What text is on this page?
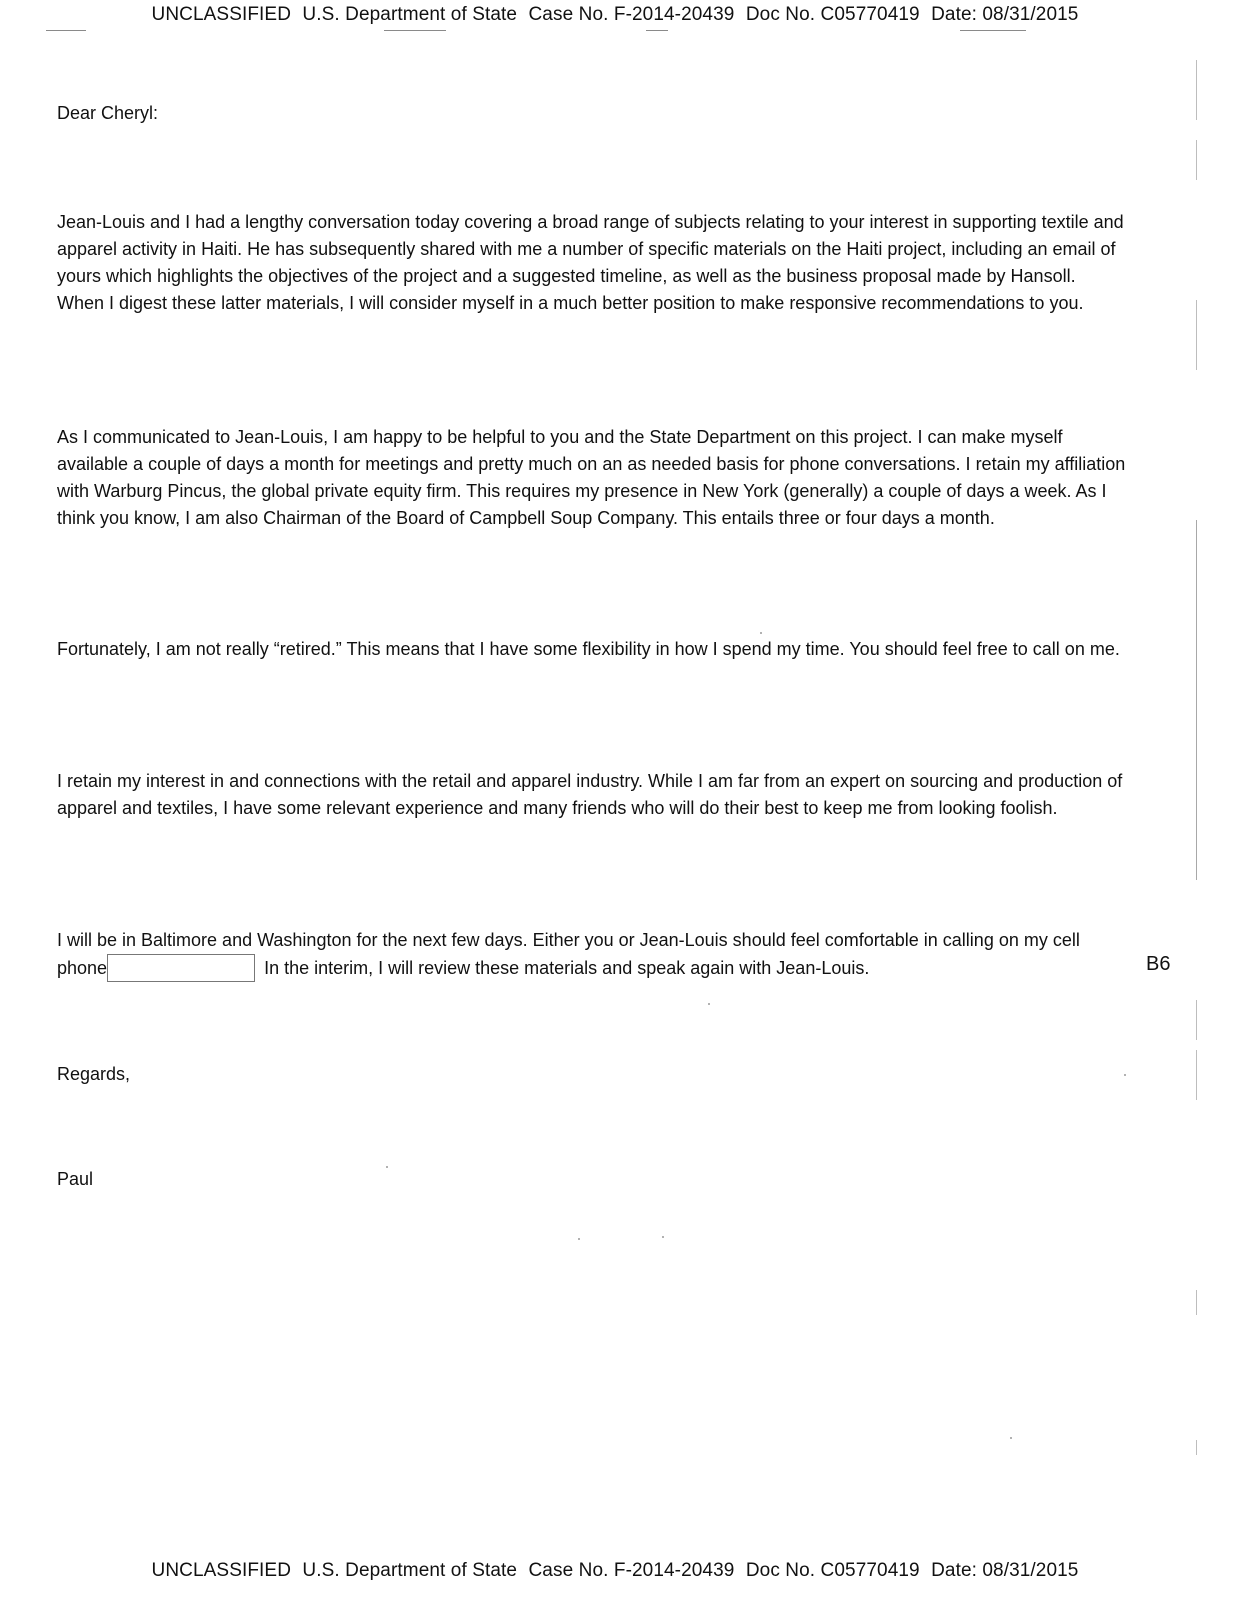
UNCLASSIFIED U.S. Department of State Case No. F-2014-20439 Doc No. C05770419 Date: 08/31/2015

Dear Cheryl:

Jean-Louis and I had a lengthy conversation today covering a broad range of subjects relating to your interest in supporting textile and apparel activity in Haiti. He has subsequently shared with me a number of specific materials on the Haiti project, including an email of yours which highlights the objectives of the project and a suggested timeline, as well as the business proposal made by Hansoll. When I digest these latter materials, I will consider myself in a much better position to make responsive recommendations to you.

As I communicated to Jean-Louis, I am happy to be helpful to you and the State Department on this project. I can make myself available a couple of days a month for meetings and pretty much on an as needed basis for phone conversations. I retain my affiliation with Warburg Pincus, the global private equity firm. This requires my presence in New York (generally) a couple of days a week. As I think you know, I am also Chairman of the Board of Campbell Soup Company. This entails three or four days a month.

Fortunately, I am not really “retired.” This means that I have some flexibility in how I spend my time. You should feel free to call on me.

I retain my interest in and connections with the retail and apparel industry. While I am far from an expert on sourcing and production of apparel and textiles, I have some relevant experience and many friends who will do their best to keep me from looking foolish.

I will be in Baltimore and Washington for the next few days. Either you or Jean-Louis should feel comfortable in calling on my cell phone	In the interim, I will review these materials and speak again with Jean-Louis.

Regards,

Paul

B6
UNCLASSIFIED U.S. Department of State Case No. F-2014-20439 Doc No. C05770419 Date: 08/31/2015
